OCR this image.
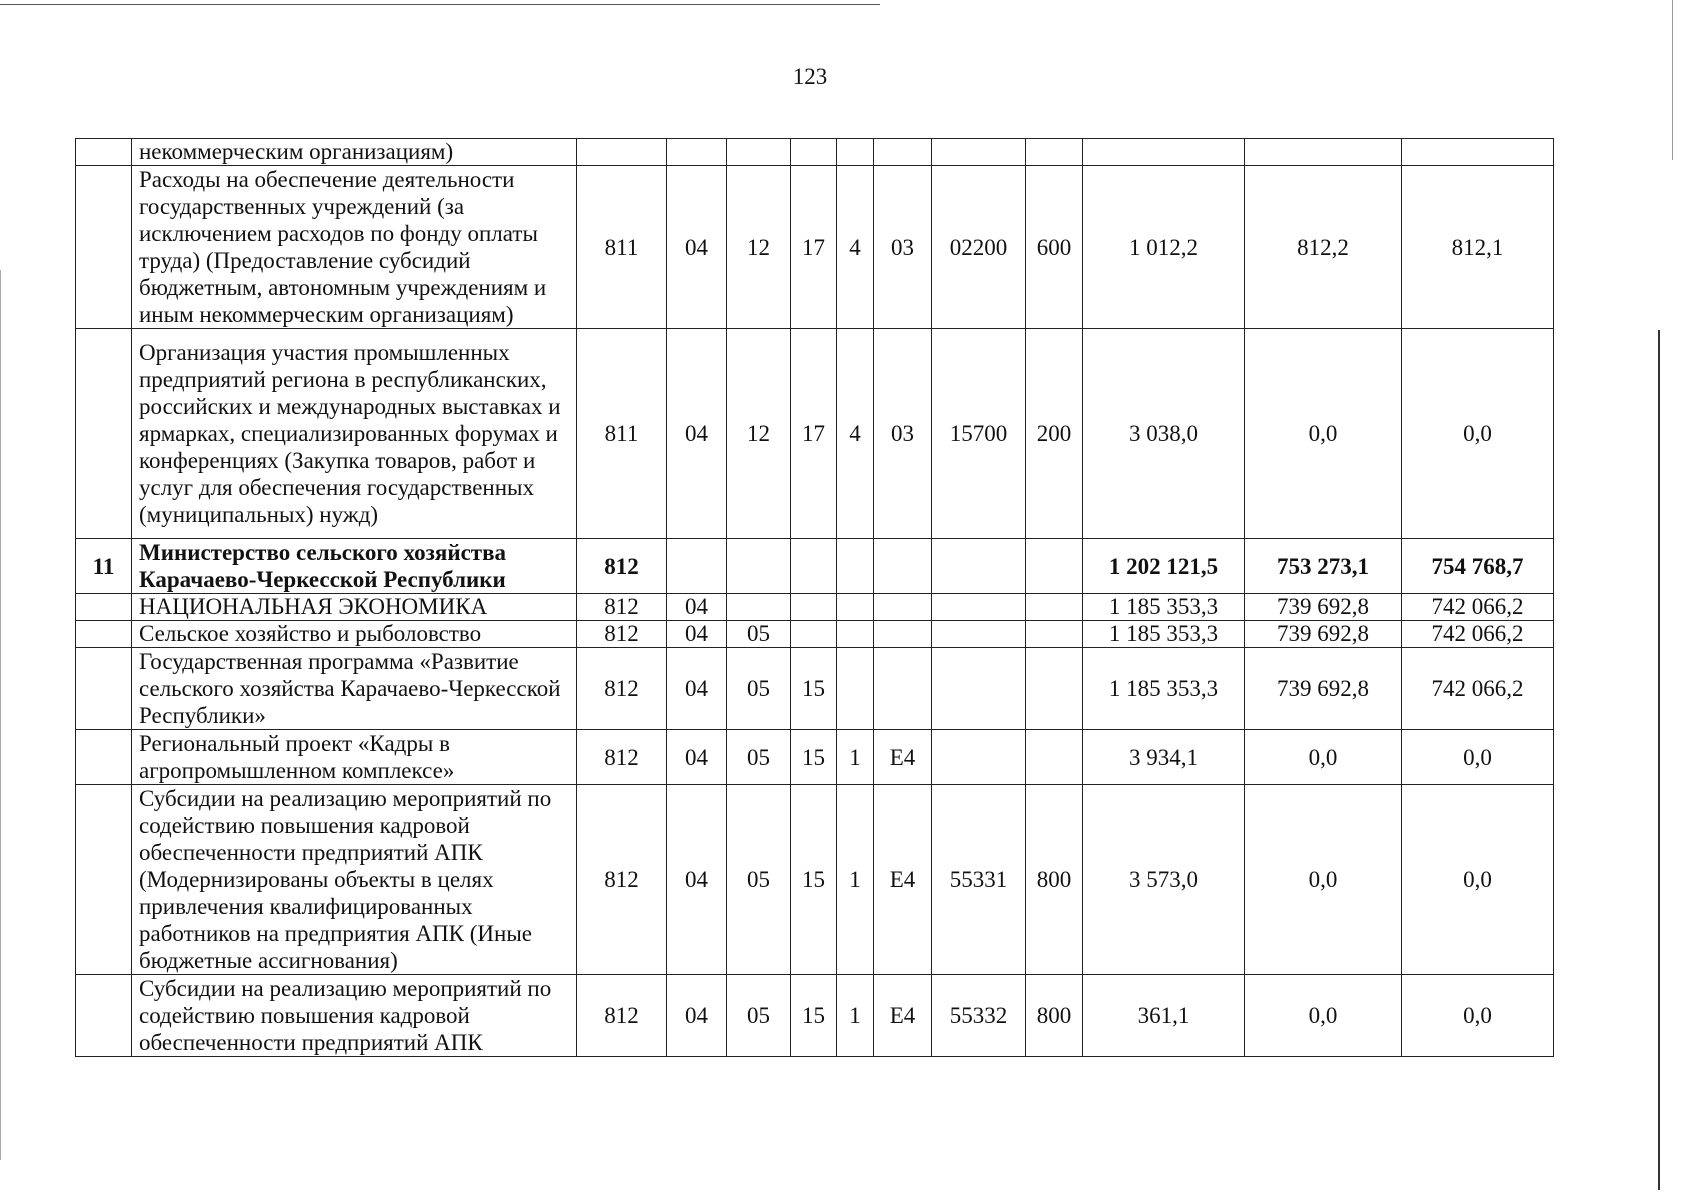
123
	некоммерческим организациям)											
	Расходы на обеспечение деятельности государственных учреждений (за исключением расходов по фонду оплаты труда) (Предоставление субсидий бюджетным, автономным учреждениям и иным некоммерческим организациям)	811	04	12	17	4	03	02200	600	1 012,2	812,2	812,1
	Организация участия промышленных предприятий региона в республиканских, российских и международных выставках и ярмарках, специализированных форумах и конференциях (Закупка товаров, работ и услуг для обеспечения государственных (муниципальных) нужд)	811	04	12	17	4	03	15700	200	3 038,0	0,0	0,0
11	Министерство сельского хозяйства Карачаево-Черкесской Республики	812								1 202 121,5	753 273,1	754 768,7
	НАЦИОНАЛЬНАЯ ЭКОНОМИКА	812	04							1 185 353,3	739 692,8	742 066,2
	Сельское хозяйство и рыболовство	812	04	05						1 185 353,3	739 692,8	742 066,2
	Государственная программа «Развитие сельского хозяйства Карачаево-Черкесской Республики»	812	04	05	15					1 185 353,3	739 692,8	742 066,2
	Региональный проект «Кадры в агропромышленном комплексе»	812	04	05	15	1	E4			3 934,1	0,0	0,0
	Субсидии на реализацию мероприятий по содействию повышения кадровой обеспеченности предприятий АПК (Модернизированы объекты в целях привлечения квалифицированных работников на предприятия АПК (Иные бюджетные ассигнования)	812	04	05	15	1	E4	55331	800	3 573,0	0,0	0,0
	Субсидии на реализацию мероприятий по содействию повышения кадровой обеспеченности предприятий АПК	812	04	05	15	1	E4	55332	800	361,1	0,0	0,0
